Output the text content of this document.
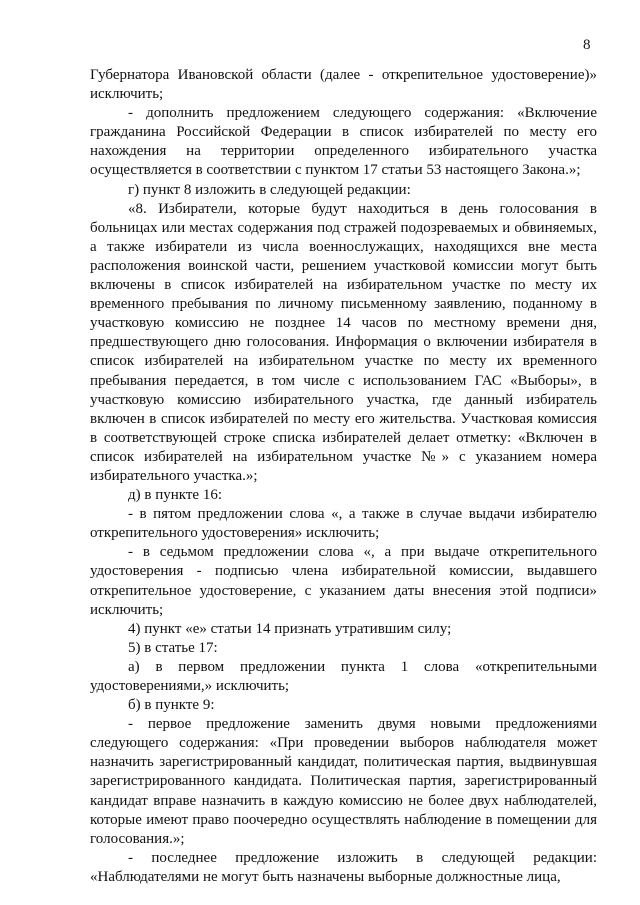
8

Губернатора Ивановской области (далее - открепительное удостоверение)» исключить;

- дополнить предложением следующего содержания: «Включение гражданина Российской Федерации в список избирателей по месту его нахождения на территории определенного избирательного участка осуществляется в соответствии с пунктом 17 статьи 53 настоящего Закона.»;

г) пункт 8 изложить в следующей редакции:

«8. Избиратели, которые будут находиться в день голосования в больницах или местах содержания под стражей подозреваемых и обвиняемых, а также избиратели из числа военнослужащих, находящихся вне места расположения воинской части, решением участковой комиссии могут быть включены в список избирателей на избирательном участке по месту их временного пребывания по личному письменному заявлению, поданному в участковую комиссию не позднее 14 часов по местному времени дня, предшествующего дню голосования. Информация о включении избирателя в список избирателей на избирательном участке по месту их временного пребывания передается, в том числе с использованием ГАС «Выборы», в участковую комиссию избирательного участка, где данный избиратель включен в список избирателей по месту его жительства. Участковая комиссия в соответствующей строке списка избирателей делает отметку: «Включен в список избирателей на избирательном участке №» с указанием номера избирательного участка.»;

д) в пункте 16:

- в пятом предложении слова «, а также в случае выдачи избирателю открепительного удостоверения» исключить;

- в седьмом предложении слова «, а при выдаче открепительного удостоверения - подписью члена избирательной комиссии, выдавшего открепительное удостоверение, с указанием даты внесения этой подписи» исключить;

4) пункт «е» статьи 14 признать утратившим силу;

5) в статье 17:

а) в первом предложении пункта 1 слова «открепительными удостоверениями,» исключить;

б) в пункте 9:

- первое предложение заменить двумя новыми предложениями следующего содержания: «При проведении выборов наблюдателя может назначить зарегистрированный кандидат, политическая партия, выдвинувшая зарегистрированного кандидата. Политическая партия, зарегистрированный кандидат вправе назначить в каждую комиссию не более двух наблюдателей, которые имеют право поочередно осуществлять наблюдение в помещении для голосования.»;

- последнее предложение изложить в следующей редакции: «Наблюдателями не могут быть назначены выборные должностные лица,
